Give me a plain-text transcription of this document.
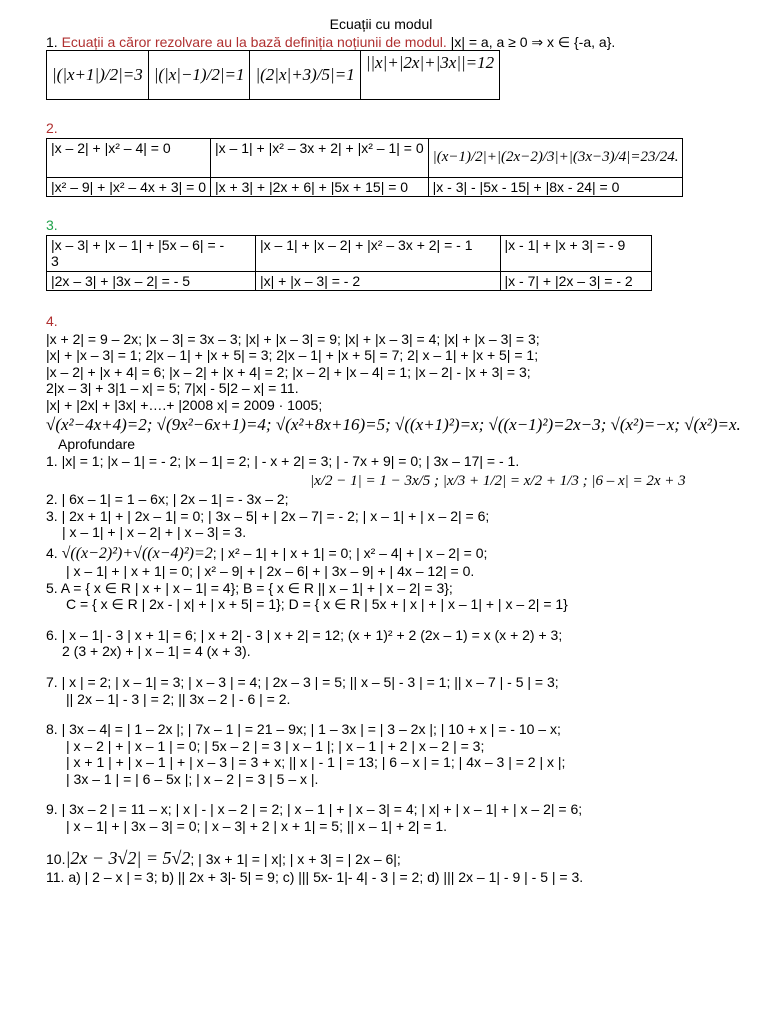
Ecuații cu modul
1. Ecuații a căror rezolvare au la bază definiția noțiunii de modul. |x| = a, a ≥ 0 ⇒ x ∈ {-a, a}.
|(|x+1|)/2|=3	|(|x|−1)/2|=1	|(2|x|+3)/5|=1	||x|+|2x|+|3x||=12
2.
|x – 2| + |x² – 4| = 0	|x – 1| + |x² – 3x + 2| + |x² – 1| = 0	|(x−1)/2|+|(2x−2)/3|+|(3x−3)/4|=23/24.
|x² – 9| + |x² – 4x + 3| = 0	|x + 3| + |2x + 6| + |5x + 15| = 0	|x - 3| - |5x - 15| + |8x - 24| = 0
3.
|x – 3| + |x – 1| + |5x – 6| = -
3	|x – 1| + |x – 2| + |x² – 3x + 2| = - 1	|x - 1| + |x + 3| = - 9
|2x – 3| + |3x – 2| = - 5	|x| + |x – 3| = - 2	|x - 7| + |2x – 3| = - 2
4.
|x + 2| = 9 – 2x; |x – 3| = 3x – 3; |x| + |x – 3| = 9; |x| + |x – 3| = 4; |x| + |x – 3| = 3;
|x| + |x – 3| = 1; 2|x – 1| + |x + 5| = 3; 2|x – 1| + |x + 5| = 7; 2| x – 1| + |x + 5| = 1;
|x – 2| + |x + 4| = 6; |x – 2| + |x + 4| = 2; |x – 2| + |x – 4| = 1; |x – 2| - |x + 3| = 3;
2|x – 3| + 3|1 – x| = 5; 7|x| - 5|2 – x| = 11.
|x| + |2x| + |3x| +….+ |2008 x| = 2009 · 1005;
√(x²−4x+4)=2; √(9x²−6x+1)=4; √(x²+8x+16)=5; √((x+1)²)=x; √((x−1)²)=2x−3; √(x²)=−x; √(x²)=x.
Aprofundare
1. |x| = 1; |x – 1| = - 2; |x – 1| = 2; | - x + 2| = 3; | - 7x + 9| = 0; | 3x – 17| = - 1.
|x/2 − 1| = 1 − 3x/5 ; |x/3 + 1/2| = x/2 + 1/3 ; |6 – x| = 2x + 3
2. | 6x – 1| = 1 – 6x; | 2x – 1| = - 3x – 2;
3. | 2x + 1| + | 2x – 1| = 0; | 3x – 5| + | 2x – 7| = - 2; | x – 1| + | x – 2| = 6;
| x – 1| + | x – 2| + | x – 3| = 3.
4. √((x−2)²)+√((x−4)²)=2; | x² – 1| + | x + 1| = 0; | x² – 4| + | x – 2| = 0;
| x – 1| + | x + 1| = 0; | x² – 9| + | 2x – 6| + | 3x – 9| + | 4x – 12| = 0.
5. A = { x ∈ R | x + | x – 1| = 4}; B = { x ∈ R || x – 1| + | x – 2| = 3};
C = { x ∈ R | 2x - | x| + | x + 5| = 1}; D = { x ∈ R | 5x + | x | + | x – 1| + | x – 2| = 1}
6. | x – 1| - 3 | x + 1| = 6; | x + 2| - 3 | x + 2| = 12; (x + 1)² + 2 (2x – 1) = x (x + 2) + 3;
2 (3 + 2x) + | x – 1| = 4 (x + 3).
7. | x | = 2; | x – 1| = 3; | x – 3 | = 4; | 2x – 3 | = 5; || x – 5| - 3 | = 1; || x – 7 | - 5 | = 3;
|| 2x – 1| - 3 | = 2; || 3x – 2 | - 6 | = 2.
8. | 3x – 4| = | 1 – 2x |; | 7x – 1 | = 21 – 9x; | 1 – 3x | = | 3 – 2x |; | 10 + x | = - 10 – x;
| x – 2 | + | x – 1 | = 0; | 5x – 2 | = 3 | x – 1 |; | x – 1 | + 2 | x – 2 | = 3;
| x + 1 | + | x – 1 | + | x – 3 | = 3 + x; || x | - 1 | = 13; | 6 – x | = 1; | 4x – 3 | = 2 | x |;
| 3x – 1 | = | 6 – 5x |; | x – 2 | = 3 | 5 – x |.
9. | 3x – 2 | = 11 – x; | x | - | x – 2 | = 2; | x – 1 | + | x – 3| = 4; | x| + | x – 1| + | x – 2| = 6;
| x – 1| + | 3x – 3| = 0; | x – 3| + 2 | x + 1| = 5; || x – 1| + 2| = 1.
10.|2x − 3√2| = 5√2; | 3x + 1| = | x|; | x + 3| = | 2x – 6|;
11. a) | 2 – x | = 3; b) || 2x + 3|- 5| = 9; c) ||| 5x- 1|- 4| - 3 | = 2; d) ||| 2x – 1| - 9 | - 5 | = 3.
